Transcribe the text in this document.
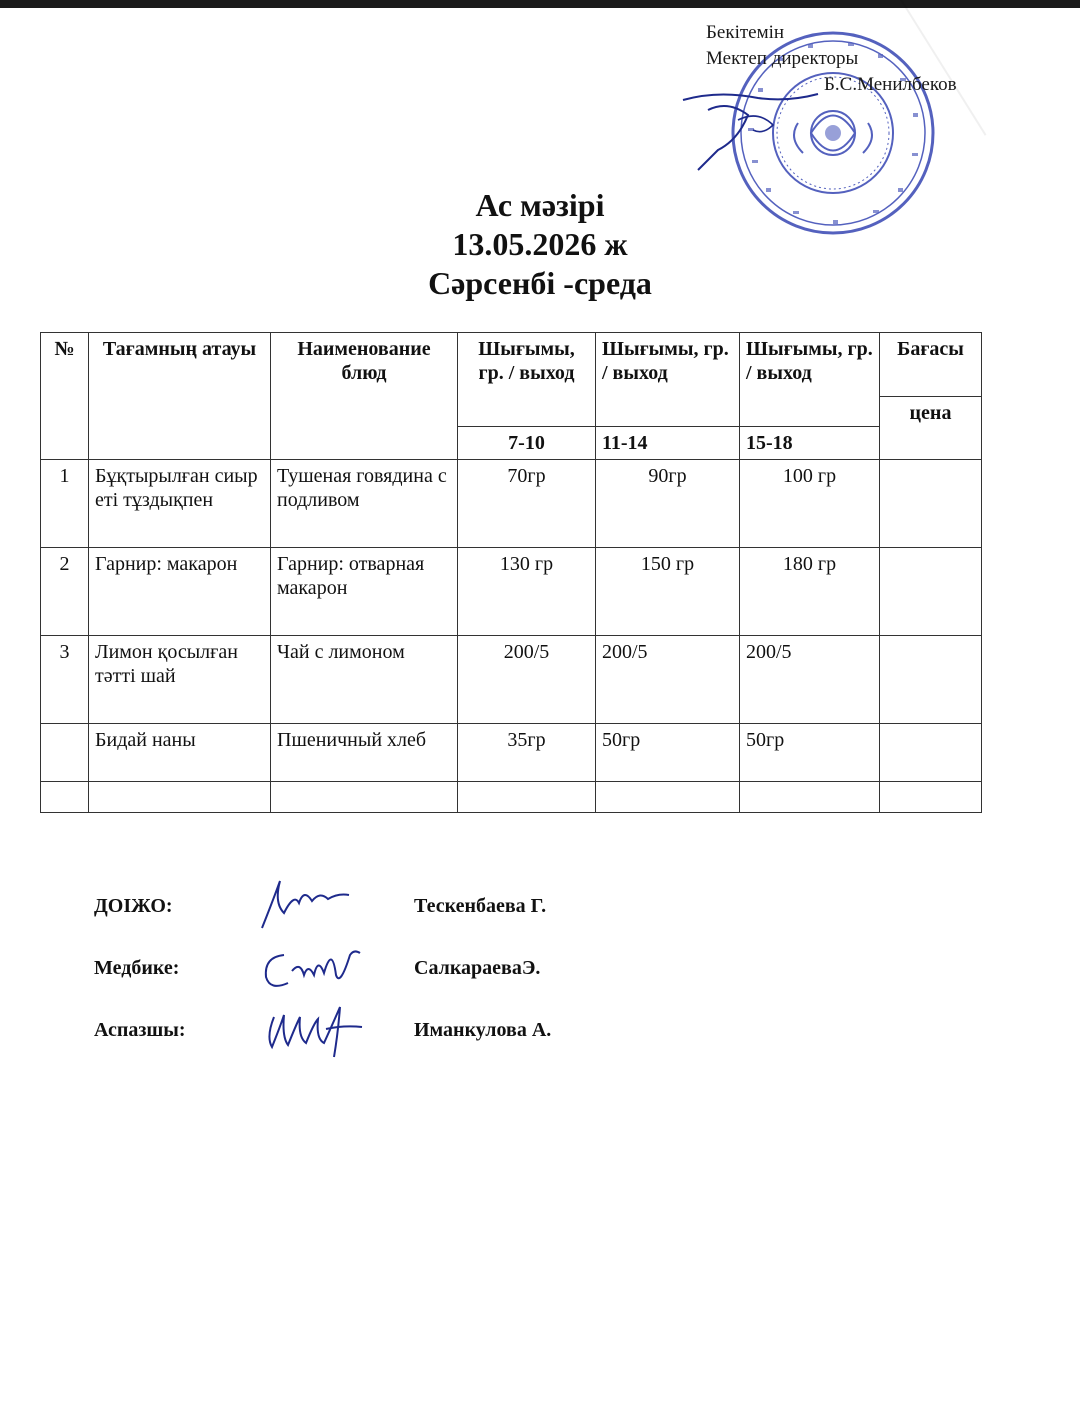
Бекітемін
Мектеп директоры
Б.С.Менилбеков
Ас мәзірі
13.05.2026 ж
Сәрсенбі -среда
№	Тағамның атауы	Наименование блюд	Шығымы, гр. / выход	Шығымы, гр. / выход	Шығымы, гр. / выход	Бағасы
						цена
			7-10	11-14	15-18	
1	Бұқтырылған сиыр еті тұздықпен	Тушеная говядина с подливом	70гр	90гр	100 гр	
2	Гарнир: макарон	Гарнир: отварная макарон	130 гр	150 гр	180 гр	
3	Лимон қосылған тәтті шай	Чай с лимоном	200/5	200/5	200/5	
	Бидай наны	Пшеничный хлеб	35гр	50гр	50гр	

ДОІЖО:	Тескенбаева Г.
Медбике:	СалкараеваЭ.
Аспазшы:	Иманкулова А.
